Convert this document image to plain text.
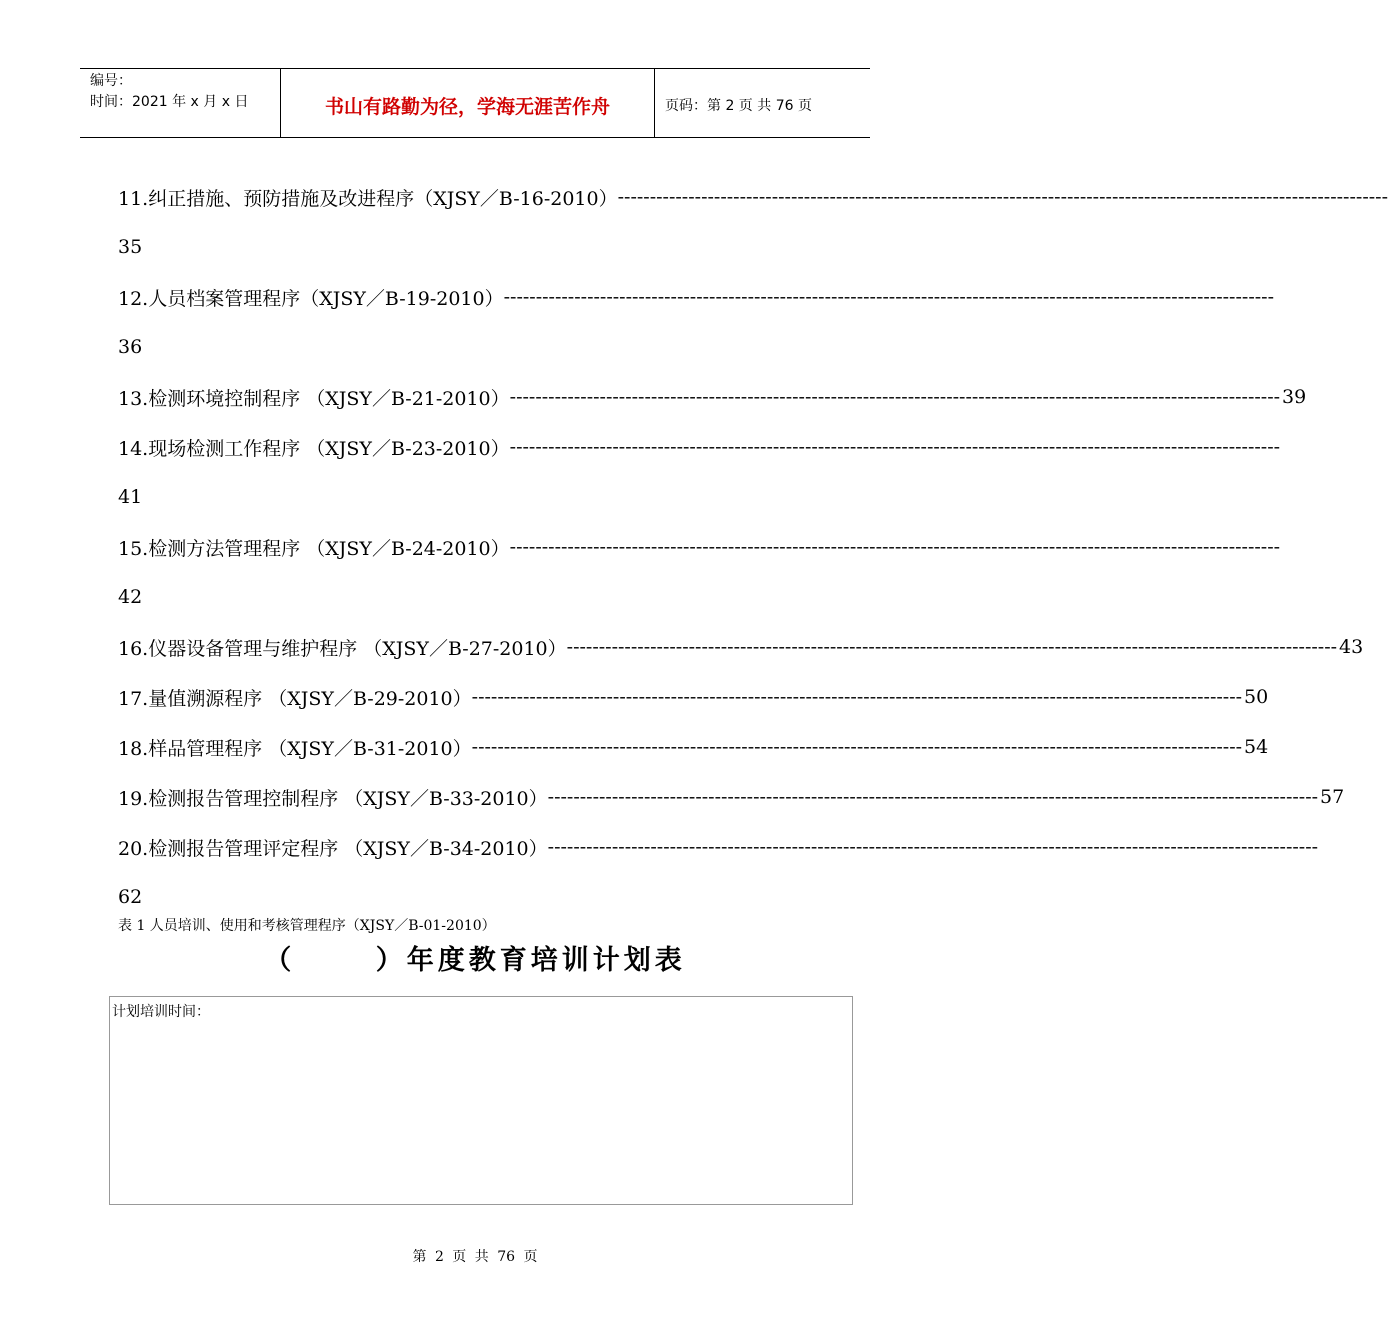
编号：
时间：2021 年 x 月 x 日	书山有路勤为径，学海无涯苦作舟	页码：第 2 页 共 76 页
11.纠正措施、预防措施及改进程序（XJSY／B-16-2010） ------------------------------------------------------------------------------------------------------------------------
35
12.人员档案管理程序（XJSY／B-19-2010） ------------------------------------------------------------------------------------------------------------------------
36
13.检测环境控制程序 （XJSY／B-21-2010） ------------------------------------------------------------------------------------------------------------------------ 39
14.现场检测工作程序 （XJSY／B-23-2010） ------------------------------------------------------------------------------------------------------------------------
41
15.检测方法管理程序 （XJSY／B-24-2010） ------------------------------------------------------------------------------------------------------------------------
42
16.仪器设备管理与维护程序 （XJSY／B-27-2010） ------------------------------------------------------------------------------------------------------------------------ 43
17.量值溯源程序 （XJSY／B-29-2010） ------------------------------------------------------------------------------------------------------------------------ 50
18.样品管理程序 （XJSY／B-31-2010） ------------------------------------------------------------------------------------------------------------------------ 54
19.检测报告管理控制程序 （XJSY／B-33-2010） ------------------------------------------------------------------------------------------------------------------------ 57
20.检测报告管理评定程序 （XJSY／B-34-2010） ------------------------------------------------------------------------------------------------------------------------
62
表 1 人员培训、使用和考核管理程序（XJSY／B-01-2010）
（      ）年度教育培训计划表
计划培训时间：
第 2 页 共 76 页
